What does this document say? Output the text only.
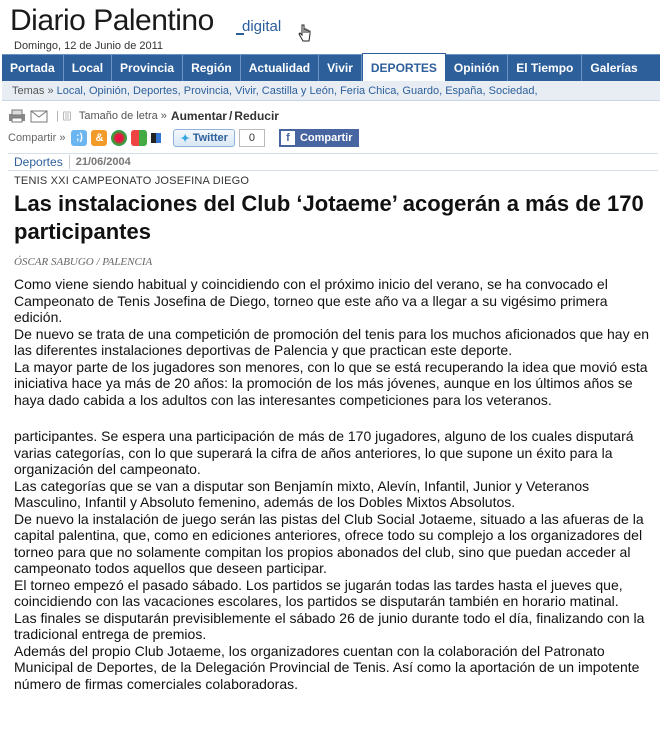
Diario Palentino digital
Domingo, 12 de Junio de 2011
Portada	Local	Provincia	Región	Actualidad	Vivir	DEPORTES	Opinión	El Tiempo	Galerías
Temas » Local, Opinión, Deportes, Provincia, Vivir, Castilla y León, Feria Chica, Guardo, España, Sociedad,
| Tamaño de letra » Aumentar / Reducir
Compartir »	;)	&	✦ Twitter	0	f Compartir
Deportes	21/06/2004
TENIS XXI CAMPEONATO JOSEFINA DIEGO
Las instalaciones del Club ‘Jotaeme’ acogerán a más de 170 participantes
ÓSCAR SABUGO / PALENCIA

Como viene siendo habitual y coincidiendo con el próximo inicio del verano, se ha convocado el Campeonato de Tenis Josefina de Diego, torneo que este año va a llegar a su vigésimo primera edición.

De nuevo se trata de una competición de promoción del tenis para los muchos aficionados que hay en las diferentes instalaciones deportivas de Palencia y que practican este deporte.

La mayor parte de los jugadores son menores, con lo que se está recuperando la idea que movió esta iniciativa hace ya más de 20 años: la promoción de los más jóvenes, aunque en los últimos años se haya dado cabida a los adultos con las interesantes competiciones para los veteranos.

participantes. Se espera una participación de más de 170 jugadores, alguno de los cuales disputará varias categorías, con lo que superará la cifra de años anteriores, lo que supone un éxito para la organización del campeonato.

Las categorías que se van a disputar son Benjamín mixto, Alevín, Infantil, Junior y Veteranos Masculino, Infantil y Absoluto femenino, además de los Dobles Mixtos Absolutos.

De nuevo la instalación de juego serán las pistas del Club Social Jotaeme, situado a las afueras de la capital palentina, que, como en ediciones anteriores, ofrece todo su complejo a los organizadores del torneo para que no solamente compitan los propios abonados del club, sino que puedan acceder al campeonato todos aquellos que deseen participar.

El torneo empezó el pasado sábado. Los partidos se jugarán todas las tardes hasta el jueves que, coincidiendo con las vacaciones escolares, los partidos se disputarán también en horario matinal.

Las finales se disputarán previsiblemente el sábado 26 de junio durante todo el día, finalizando con la tradicional entrega de premios.

Además del propio Club Jotaeme, los organizadores cuentan con la colaboración del Patronato Municipal de Deportes, de la Delegación Provincial de Tenis. Así como la aportación de un impotente número de firmas comerciales colaboradoras.
